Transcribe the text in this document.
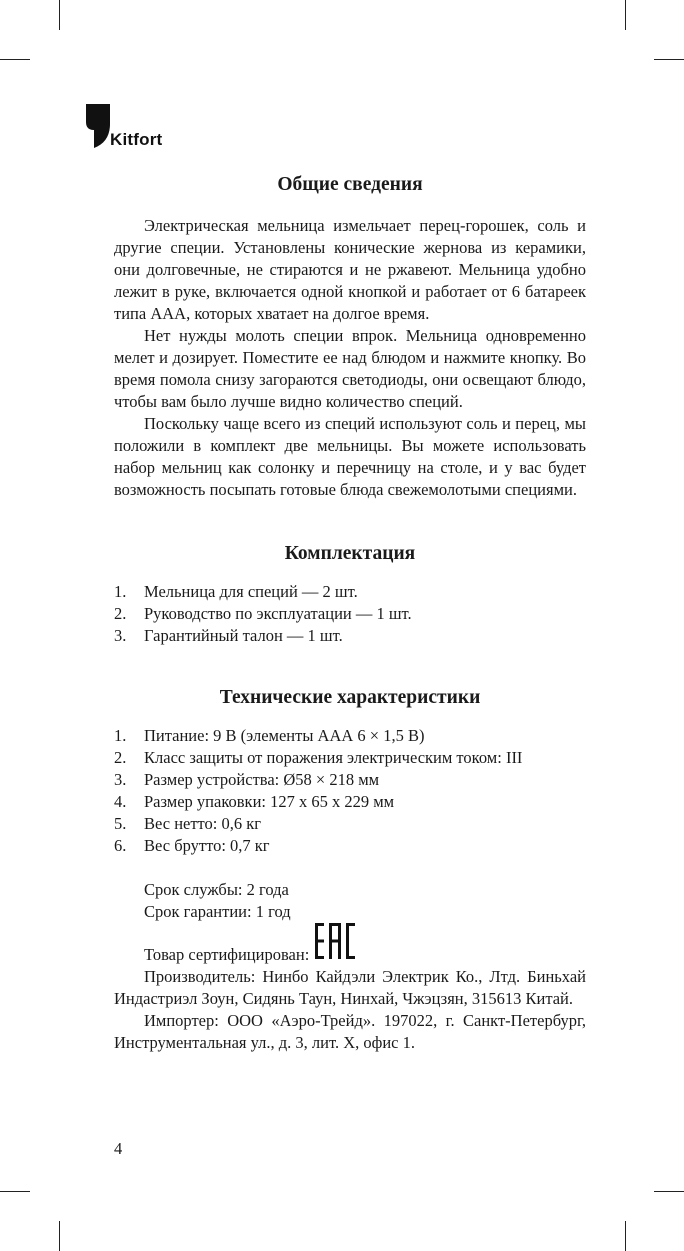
Kitfort
Общие сведения

Электрическая мельница измельчает перец-горошек, соль и другие специи. Установлены конические жернова из керамики, они долговечные, не стираются и не ржавеют. Мельница удобно лежит в руке, включается одной кнопкой и работает от 6 батареек типа ААА, которых хватает на долгое время.

Нет нужды молоть специи впрок. Мельница одновременно мелет и дозирует. Поместите ее над блюдом и нажмите кнопку. Во время помола снизу загораются светодиоды, они освещают блюдо, чтобы вам было лучше видно количество специй.

Поскольку чаще всего из специй используют соль и перец, мы положили в комплект две мельницы. Вы можете использовать набор мельниц как солонку и перечницу на столе, и у вас будет возможность посыпать готовые блюда свежемолотыми специями.

Комплектация
1. Мельница для специй — 2 шт.
2. Руководство по эксплуатации — 1 шт.
3. Гарантийный талон — 1 шт.
Технические характеристики
1. Питание: 9 В (элементы ААА 6 × 1,5 В)
2. Класс защиты от поражения электрическим током: III
3. Размер устройства: Ø58 × 218 мм
4. Размер упаковки: 127 х 65 х 229 мм
5. Вес нетто: 0,6 кг
6. Вес брутто: 0,7 кг

Срок службы: 2 года

Срок гарантии: 1 год

Товар сертифицирован:

Производитель: Нинбо Кайдэли Электрик Ко., Лтд. Биньхай Индастриэл Зоун, Сидянь Таун, Нинхай, Чжэцзян, 315613 Китай.

Импортер: ООО «Аэро-Трейд». 197022, г. Санкт-Петербург, Инструментальная ул., д. 3, лит. Х, офис 1.

4
